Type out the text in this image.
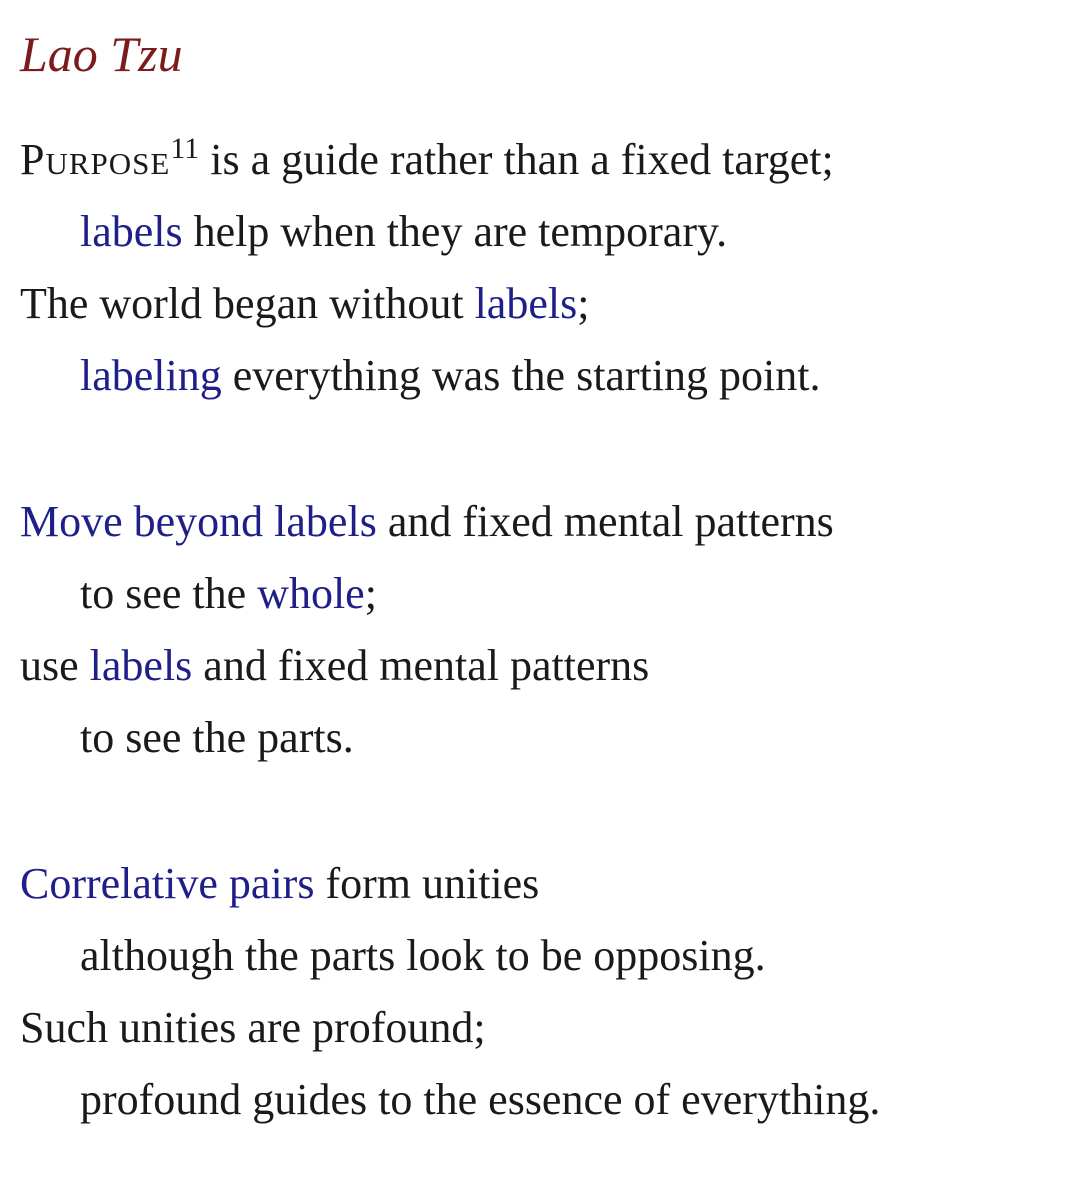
Lao Tzu
Purpose$^{11}$ is a guide rather than a fixed target;
labels help when they are temporary.
The world began without labels;
labeling everything was the starting point.
Move beyond labels and fixed mental patterns
to see the whole;
use labels and fixed mental patterns
to see the parts.
Correlative pairs form unities
although the parts look to be opposing.
Such unities are profound;
profound guides to the essence of everything.
